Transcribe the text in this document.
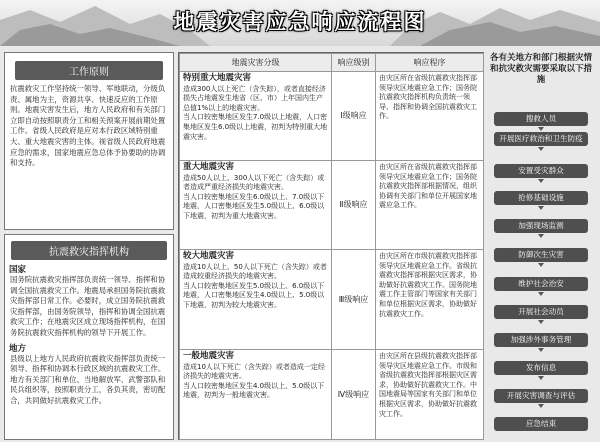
地震灾害应急响应流程图
工作原则
抗震救灾工作坚持统一领导、军地联动，分级负责、属地为主，资源共享、快速反应的工作原则。地震灾害发生后，地方人民政府和有关部门立即自动按照职责分工和相关预案开展前期处置工作。省级人民政府是应对本行政区域特别重大、重大地震灾害的主体。视省级人民政府地震应急的需求，国家地震应急总体予协要助的协调和支持。
抗震救灾指挥机构
国家
国务院抗震救灾指挥部负责统一领导、指挥和协调全国抗震救灾工作。地震局承担国务院抗震救灾指挥部日常工作。必要时，成立国务院抗震救灾指挥部，由国务院领导，指挥和协调全国抗震救灾工作；在地震灾区成立现场指挥机构，在国务院抗震救灾指挥机构的领导下开展工作。
地方
县级以上地方人民政府抗震救灾指挥部负责统一领导、指挥和协调本行政区域的抗震救灾工作。地方有关部门和单位、当地解放军、武警部队和民兵组织等，按照职责分工，各负其责，密切配合，共同做好抗震救灾工作。
地震灾害分级	响应级别	响应程序

特别重大地震灾害
造成300人以上死亡（含失踪），或者直接经济损失占地震发生地省（区、市）上年国内生产总值1%以上的地震灾害。
当人口较密集地区发生7.0级以上地震，人口密集地区发生6.0级以上地震，初判为特别重大地震灾害。	Ⅰ级响应	由灾区所在省级抗震救灾指挥部领导灾区地震应急工作；国务院抗震救灾指挥机构负责统一领导、指挥和协调全国抗震救灾工作。

重大地震灾害
造成50人以上、300人以下死亡（含失踪）或者造成严重经济损失的地震灾害。
当人口较密集地区发生6.0级以上、7.0级以下地震，人口密集地区发生5.0级以上、6.0级以下地震，初判为重大地震灾害。	Ⅱ级响应	由灾区所在省级抗震救灾指挥部领导灾区地震应急工作；国务院抗震救灾指挥部根据情况，组织协调有关部门和单位开展国家地震应急工作。

较大地震灾害
造成10人以上、50人以下死亡（含失踪）或者造成较重经济损失的地震灾害。
当人口较密集地区发生5.0级以上、6.0级以下地震，人口密集地区发生4.0级以上、5.0级以下地震，初判为较大地震灾害。	Ⅲ级响应	由灾区所在市级抗震救灾指挥部领导灾区地震应急工作。省级抗震救灾指挥部根据灾区需求，协助做好抗震救灾工作。国务院地震工作主管部门等国家有关部门和单位根据灾区需求，协助做好抗震救灾工作。

一般地震灾害
造成10人以下死亡（含失踪）或者造成一定经济损失的地震灾害。
当人口较密集地区发生4.0级以上、5.0级以下地震，初判为一般地震灾害。	Ⅳ级响应	由灾区所在县级抗震救灾指挥部领导灾区地震应急工作。市级和省级抗震救灾指挥部根据灾区需求，协助做好抗震救灾工作。中国地震局等国家有关部门和单位根据灾区需求，协助做好抗震救灾工作。
各有关地方和部门根据灾情和抗灾救灾需要采取以下措施
搜救人员
开展医疗救治和卫生防疫
安置受灾群众
抢修基础设施
加强现场监测
防御次生灾害
维护社会治安
开展社会动员
加强涉外事务管理
发布信息
开展灾害调查与评估
应急结束
